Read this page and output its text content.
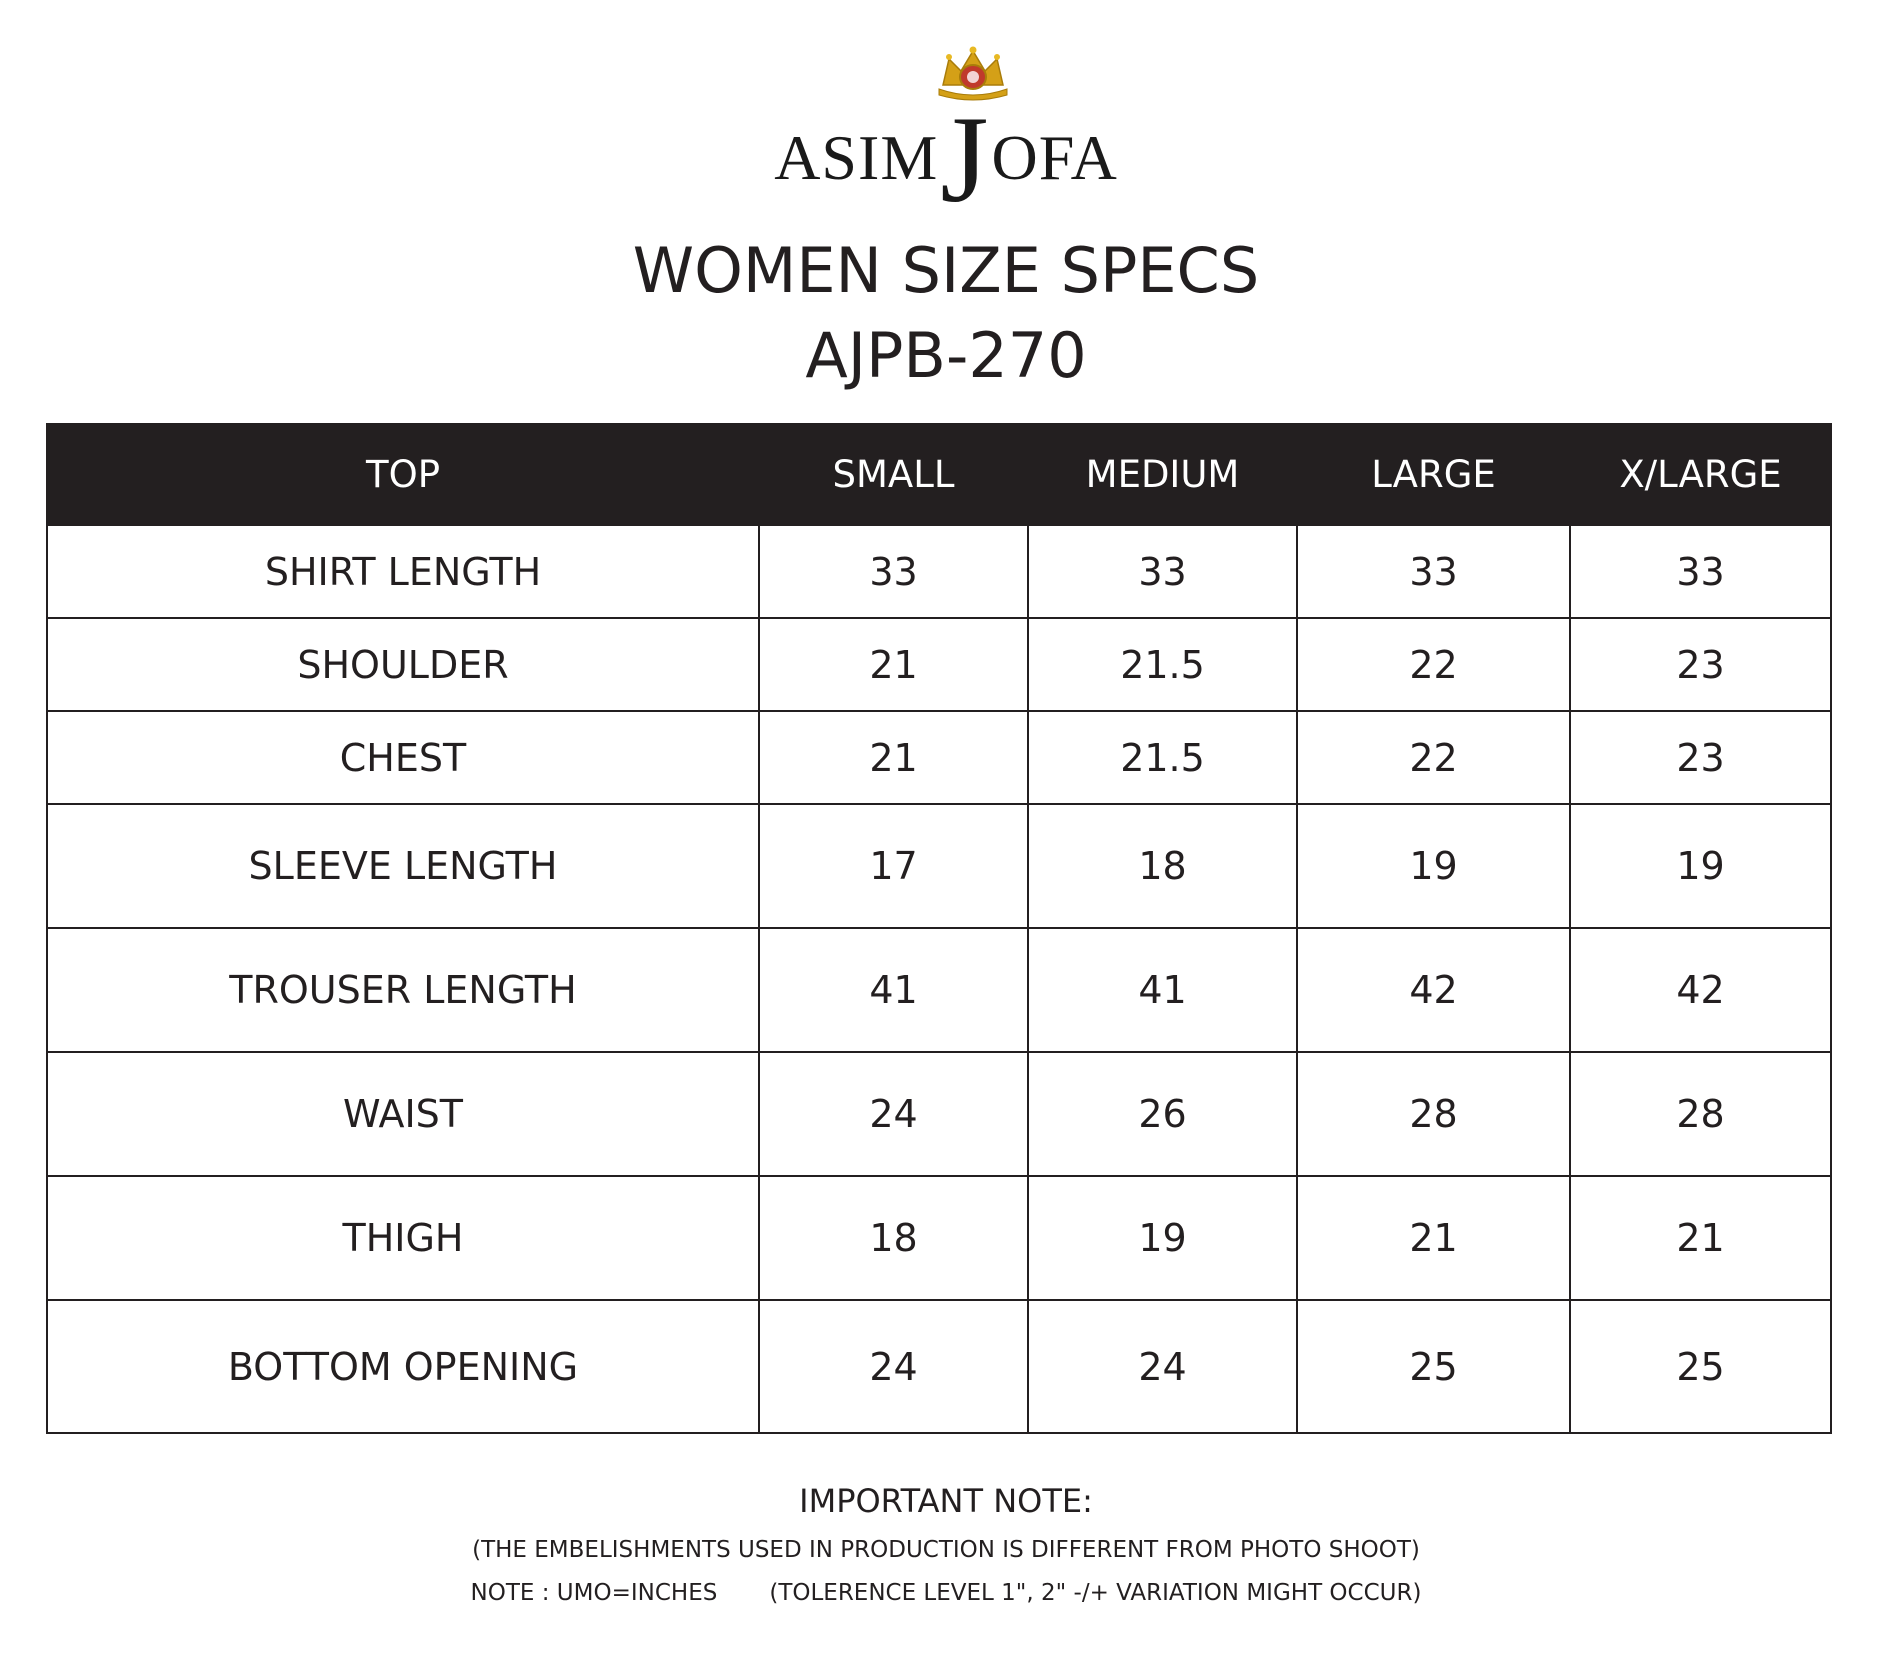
ASIMJOFA
WOMEN SIZE SPECS
AJPB-270
TOP	SMALL	MEDIUM	LARGE	X/LARGE
SHIRT LENGTH	33	33	33	33
SHOULDER	21	21.5	22	23
CHEST	21	21.5	22	23
SLEEVE LENGTH	17	18	19	19
TROUSER LENGTH	41	41	42	42
WAIST	24	26	28	28
THIGH	18	19	21	21
BOTTOM OPENING	24	24	25	25
IMPORTANT NOTE:
(THE EMBELISHMENTS USED IN PRODUCTION IS DIFFERENT FROM PHOTO SHOOT)
NOTE : UMO=INCHES (TOLERENCE LEVEL 1", 2" -/+ VARIATION MIGHT OCCUR)
